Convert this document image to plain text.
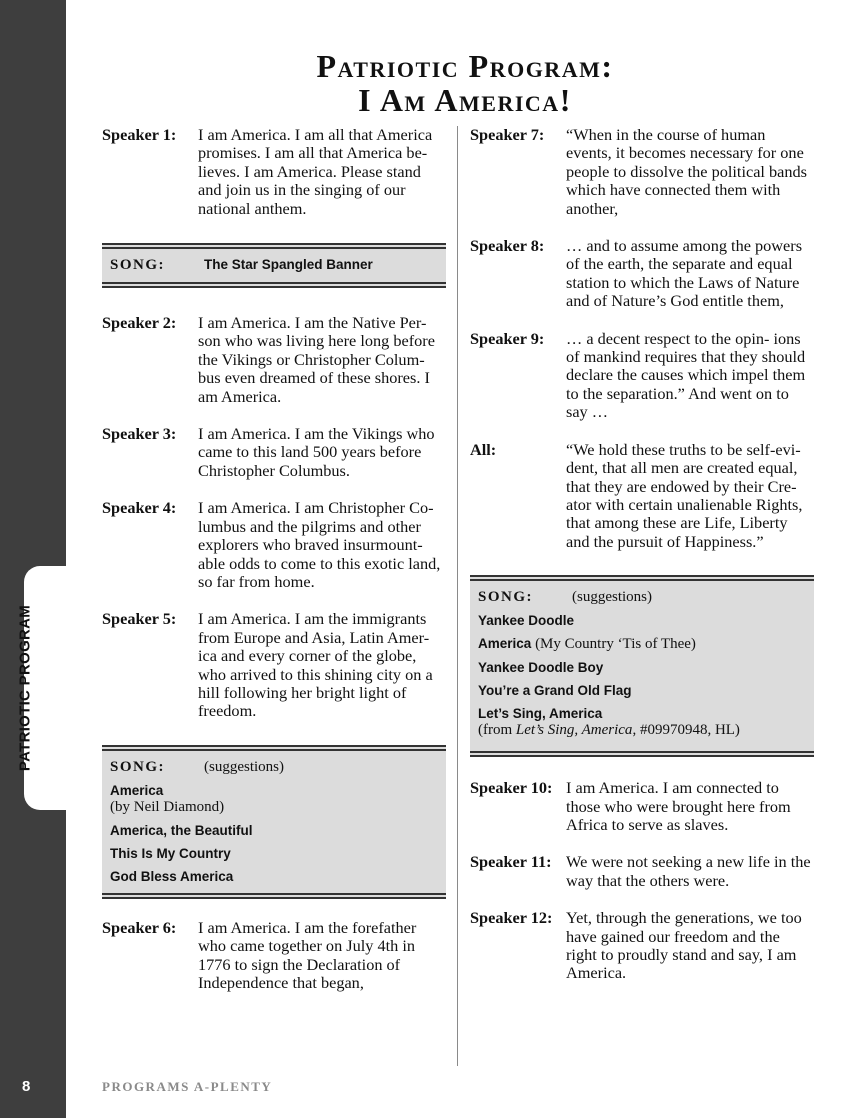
PATRIOTIC PROGRAM
8	PROGRAMS A-PLENTY
Patriotic Program:
I Am America!
Speaker 1:	I am America. I am all that America promises. I am all that America be- lieves. I am America. Please stand and join us in the singing of our national anthem.
SONG:	The Star Spangled Banner
Speaker 2:	I am America. I am the Native Per- son who was living here long before the Vikings or Christopher Colum- bus even dreamed of these shores. I am America.
Speaker 3:	I am America. I am the Vikings who came to this land 500 years before Christopher Columbus.
Speaker 4:	I am America. I am Christopher Co- lumbus and the pilgrims and other explorers who braved insurmount- able odds to come to this exotic land, so far from home.
Speaker 5:	I am America. I am the immigrants from Europe and Asia, Latin Amer- ica and every corner of the globe, who arrived to this shining city on a hill following her bright light of freedom.
SONG:	(suggestions)
America
(by Neil Diamond)
America, the Beautiful
This Is My Country
God Bless America
Speaker 6:	I am America. I am the forefather who came together on July 4th in 1776 to sign the Declaration of Independence that began,
Speaker 7:	“When in the course of human events, it becomes necessary for one people to dissolve the political bands which have connected them with another,
Speaker 8:	… and to assume among the powers of the earth, the separate and equal station to which the Laws of Nature and of Nature’s God entitle them,
Speaker 9:	… a decent respect to the opin- ions of mankind requires that they should declare the causes which impel them to the separation.” And went on to say …
All:	“We hold these truths to be self-evi- dent, that all men are created equal, that they are endowed by their Cre- ator with certain unalienable Rights, that among these are Life, Liberty and the pursuit of Happiness.”
SONG:	(suggestions)
Yankee Doodle
America (My Country ‘Tis of Thee)
Yankee Doodle Boy
You’re a Grand Old Flag
Let’s Sing, America
(from Let’s Sing, America, #09970948, HL)
Speaker 10: I am America. I am connected to those who were brought here from Africa to serve as slaves.
Speaker 11: We were not seeking a new life in the way that the others were.
Speaker 12: Yet, through the generations, we too have gained our freedom and the right to proudly stand and say, I am America.
